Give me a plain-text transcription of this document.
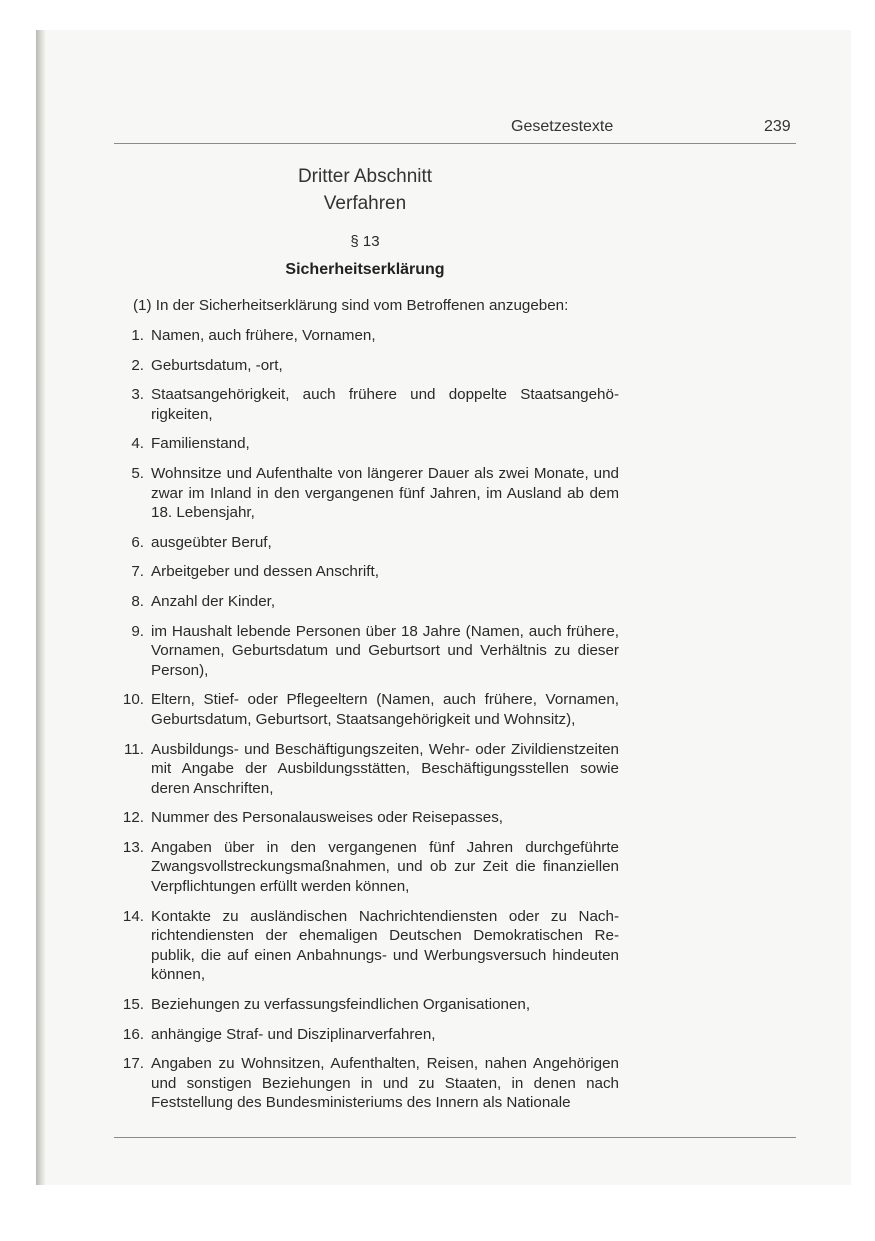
Gesetzestexte	239
Dritter Abschnitt
Verfahren
§ 13
Sicherheitserklärung
(1) In der Sicherheitserklärung sind vom Betroffenen anzugeben:
1. Namen, auch frühere, Vornamen,
2. Geburtsdatum, -ort,
3. Staatsangehörigkeit, auch frühere und doppelte Staatsangehörigkeiten,
4. Familienstand,
5. Wohnsitze und Aufenthalte von längerer Dauer als zwei Monate, und zwar im Inland in den vergangenen fünf Jahren, im Ausland ab dem 18. Lebensjahr,
6. ausgeübter Beruf,
7. Arbeitgeber und dessen Anschrift,
8. Anzahl der Kinder,
9. im Haushalt lebende Personen über 18 Jahre (Namen, auch frühere, Vornamen, Geburtsdatum und Geburtsort und Verhältnis zu dieser Person),
10. Eltern, Stief- oder Pflegeeltern (Namen, auch frühere, Vornamen, Geburtsdatum, Geburtsort, Staatsangehörigkeit und Wohnsitz),
11. Ausbildungs- und Beschäftigungszeiten, Wehr- oder Zivildienstzeiten mit Angabe der Ausbildungsstätten, Beschäftigungsstellen sowie deren Anschriften,
12. Nummer des Personalausweises oder Reisepasses,
13. Angaben über in den vergangenen fünf Jahren durchgeführte Zwangsvollstreckungsmaßnahmen, und ob zur Zeit die finanziellen Verpflichtungen erfüllt werden können,
14. Kontakte zu ausländischen Nachrichtendiensten oder zu Nachrichtendiensten der ehemaligen Deutschen Demokratischen Republik, die auf einen Anbahnungs- und Werbungsversuch hindeuten können,
15. Beziehungen zu verfassungsfeindlichen Organisationen,
16. anhängige Straf- und Disziplinarverfahren,
17. Angaben zu Wohnsitzen, Aufenthalten, Reisen, nahen Angehörigen und sonstigen Beziehungen in und zu Staaten, in denen nach Feststellung des Bundesministeriums des Innern als Nationale
